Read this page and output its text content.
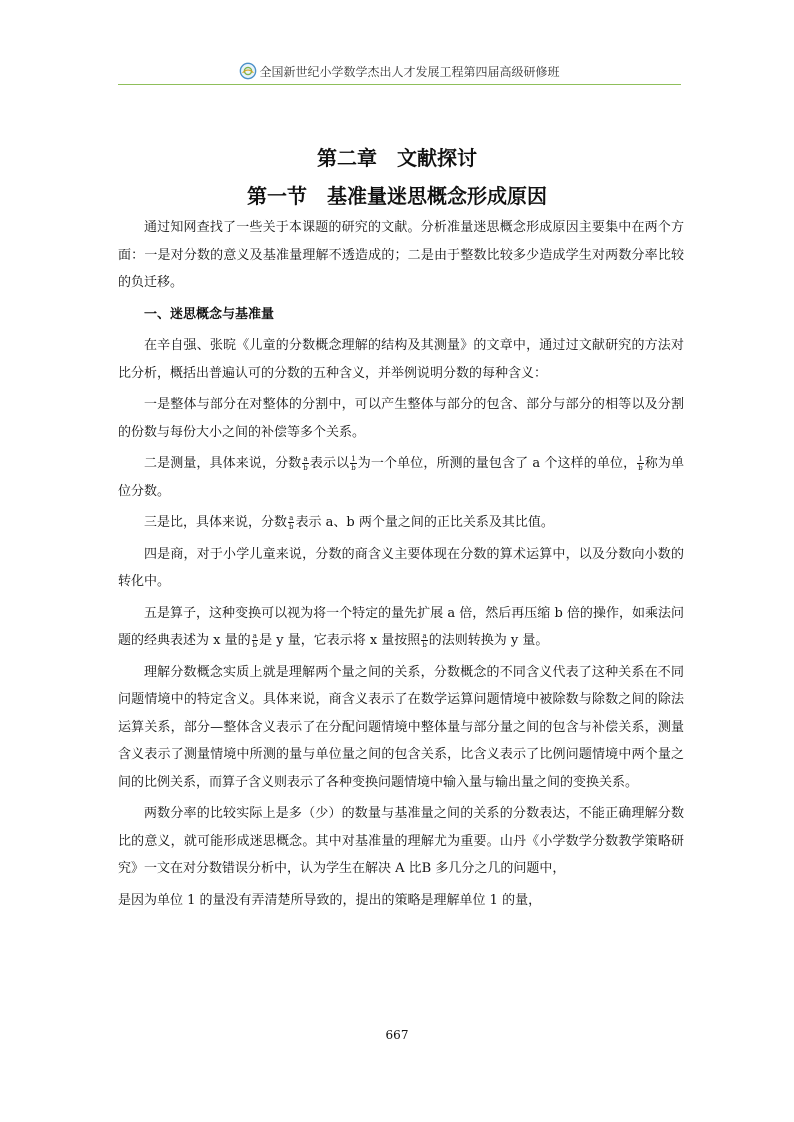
全国新世纪小学数学杰出人才发展工程第四届高级研修班
第二章　文献探讨
第一节　基准量迷思概念形成原因

通过知网查找了一些关于本课题的研究的文献。分析准量迷思概念形成原因主要集中在两个方面：一是对分数的意义及基准量理解不透造成的；二是由于整数比较多少造成学生对两数分率比较的负迁移。

一、迷思概念与基准量

在辛自强、张晥《儿童的分数概念理解的结构及其测量》的文章中，通过过文献研究的方法对比分析，概括出普遍认可的分数的五种含义，并举例说明分数的每种含义：

一是整体与部分在对整体的分割中，可以产生整体与部分的包含、部分与部分的相等以及分割的份数与每份大小之间的补偿等多个关系。

二是测量，具体来说，分数 $\frac{a}{b}$ 表示以 $\frac{1}{b}$ 为一个单位，所测的量包含了 a 个这样的单位， $\frac{1}{b}$ 称为单位分数。

三是比，具体来说，分数 $\frac{a}{b}$ 表示 a、b 两个量之间的正比关系及其比值。

四是商，对于小学儿童来说，分数的商含义主要体现在分数的算术运算中，以及分数向小数的转化中。

五是算子，这种变换可以视为将一个特定的量先扩展 a 倍，然后再压缩 b 倍的操作，如乘法问题的经典表述为 x 量的 $\frac{a}{b}$ 是 y 量，它表示将 x 量按照 $\frac{a}{b}$ 的法则转换为 y 量。

理解分数概念实质上就是理解两个量之间的关系，分数概念的不同含义代表了这种关系在不同问题情境中的特定含义。具体来说，商含义表示了在数学运算问题情境中被除数与除数之间的除法运算关系，部分—整体含义表示了在分配问题情境中整体量与部分量之间的包含与补偿关系，测量含义表示了测量情境中所测的量与单位量之间的包含关系，比含义表示了比例问题情境中两个量之间的比例关系，而算子含义则表示了各种变换问题情境中输入量与输出量之间的变换关系。

两数分率的比较实际上是多（少）的数量与基准量之间的关系的分数表达，不能正确理解分数比的意义，就可能形成迷思概念。其中对基准量的理解尤为重要。山丹《小学数学分数教学策略研究》一文在对分数错误分析中，认为学生在解决 A 比B 多几分之几的问题中，

是因为单位 1 的量没有弄清楚所导致的，提出的策略是理解单位 1 的量，

667
